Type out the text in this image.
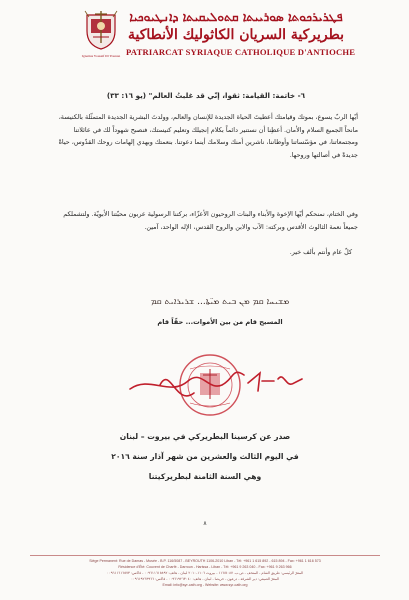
Ignatius Youssif III Younan
ܦܛܪܝܪܟܘܬܐ ܣܘܪܝܝܬܐ ܩܬܘܠܝܩܝܬܐ ܕܐܢܛܝܘܟܝܐ
بطريركية السريان الكاثوليك الأنطاكية
PATRIARCAT SYRIAQUE CATHOLIQUE D'ANTIOCHE
٦- خاتمة: القيامة: ثقوا، إنّي قد غلبتُ العالم" (يو ١٦: ٣٣)
أيّها الربّ يسوع، بموتك وقيامتك أعطيتَ الحياة الجديدة للإنسان والعالم، وولدتَ البشرية الجديدة المتمثّلة بالكنيسة، مانحاً الجميع السلام والأمان. أعطِنا أن نستنير دائماً بكلام إنجيلك وتعليم كنيستك، فنصبح شهوداً لك في عائلاتنا ومجتمعاتنا، في مؤسّساتنا وأوطاننا، ناشرين أمنك وسلامك أينما دعوتنا. بنعمتك وبهدي إلهامات روحك القدّوس، حياةً جديدةً في أصالتها وروحها.
وفي الختام، نمنحكم أيّها الإخوة والأبناء والبنات الروحيون الأعزّاء، بركتنا الرسولية عربون محبّتنا الأبويّة. ولتشملكم جميعاً نعمة الثالوث الأقدس وبركته: الآب والابن والروح القدس، الإله الواحد، آمين.
كلّ عام وأنتم بألف خير.
ܡܫܝܚܐ ܩܡ ܡܢ ܒܝܬ ܡܝ̈ܬܐ... ܫܪܝܪܐܝܬ ܩܡ
المسيح قام من بين الأموات... حقّاً قام
صدر عن كرسينا البطريركي في بيروت – لبنان
في اليوم الثالث والعشرين من شهر آذار سنة ٢٠١٦
وهي السنة الثامنة لبطريركيتنا
٨
Siège Permanent: Rue de Damas - Musée - B.P. 116/5087 - BEYROUTH 1106-2010 Liban - Tél: +961 1 615 892 - 615 894 - Fax: +961 1 616 573
Résidence d'Été: Couvent de Charfé - Darroun - Harissa - Liban - Tél: +961 9 263 040 - Fax: +961 9 263 966
المقرّ الرئيسي: طريق الشام - المتحف - ص.ب. ١١٦/٥٠٨٧ - بيروت ١١٠٦-٢٠١٠ لبنان - هاتف: ٠٠٩٦١١٦١٥٨٩٢ - فاكس: ٠٠٩٦١١٦١٦٥٧٣
المقرّ الصيفي: دير الشرفة - درعون - حريصا - لبنان - هاتف: ٠٠٩٦١٩٢٦٣٠٤٠ - فاكس: ٠٠٩٦١٩٢٦٣٩٦٦
Email: info@syr-cath.org - Website: www.syr-cath.org
